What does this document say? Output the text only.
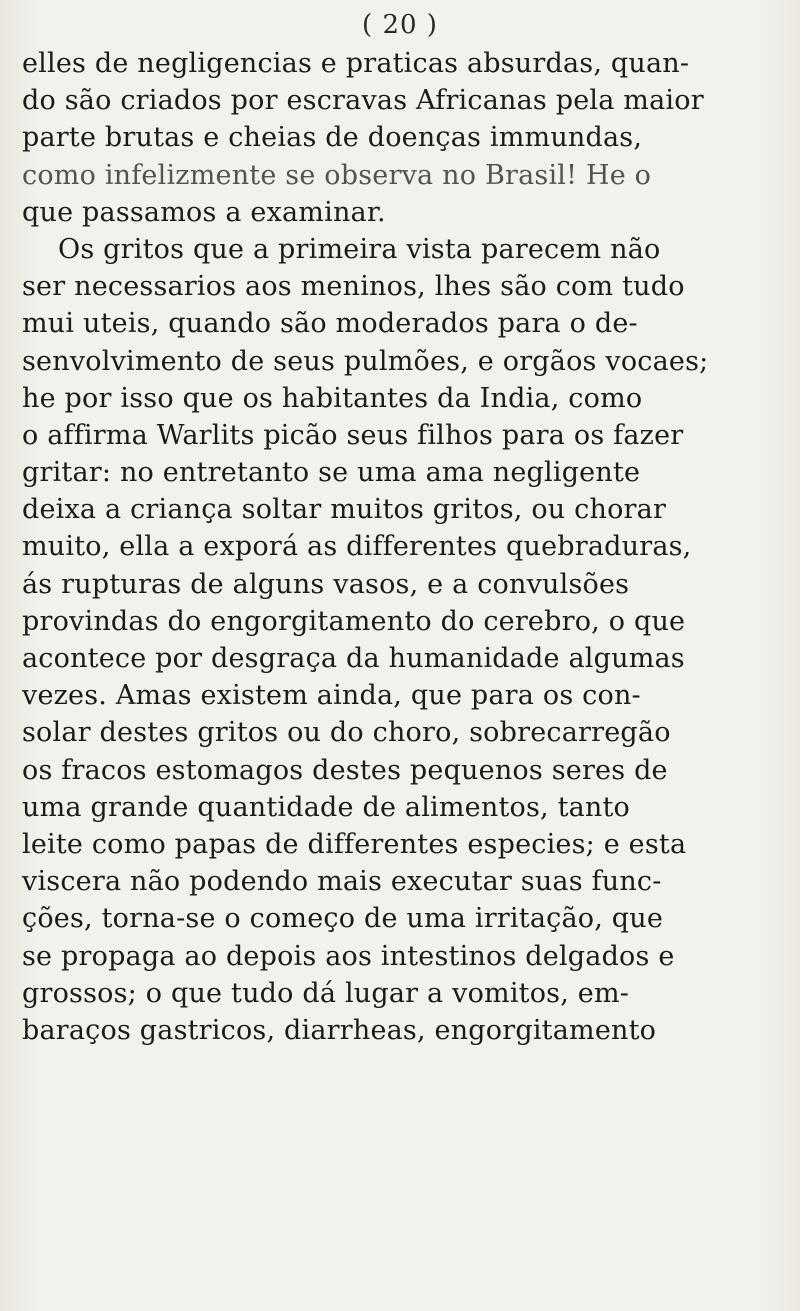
( 20 )
elles de negligencias e praticas absurdas, quan-
do são criados por escravas Africanas pela maior
parte brutas e cheias de doenças immundas,
como infelizmente se observa no Brasil! He o
que passamos a examinar.
Os gritos que a primeira vista parecem não
ser necessarios aos meninos, lhes são com tudo
mui uteis, quando são moderados para o de-
senvolvimento de seus pulmões, e orgãos vocaes;
he por isso que os habitantes da India, como
o affirma Warlits picão seus filhos para os fazer
gritar: no entretanto se uma ama negligente
deixa a criança soltar muitos gritos, ou chorar
muito, ella a exporá as differentes quebraduras,
ás rupturas de alguns vasos, e a convulsões
provindas do engorgitamento do cerebro, o que
acontece por desgraça da humanidade algumas
vezes. Amas existem ainda, que para os con-
solar destes gritos ou do choro, sobrecarregão
os fracos estomagos destes pequenos seres de
uma grande quantidade de alimentos, tanto
leite como papas de differentes especies; e esta
viscera não podendo mais executar suas func-
ções, torna-se o começo de uma irritação, que
se propaga ao depois aos intestinos delgados e
grossos; o que tudo dá lugar a vomitos, em-
baraços gastricos, diarrheas, engorgitamento
